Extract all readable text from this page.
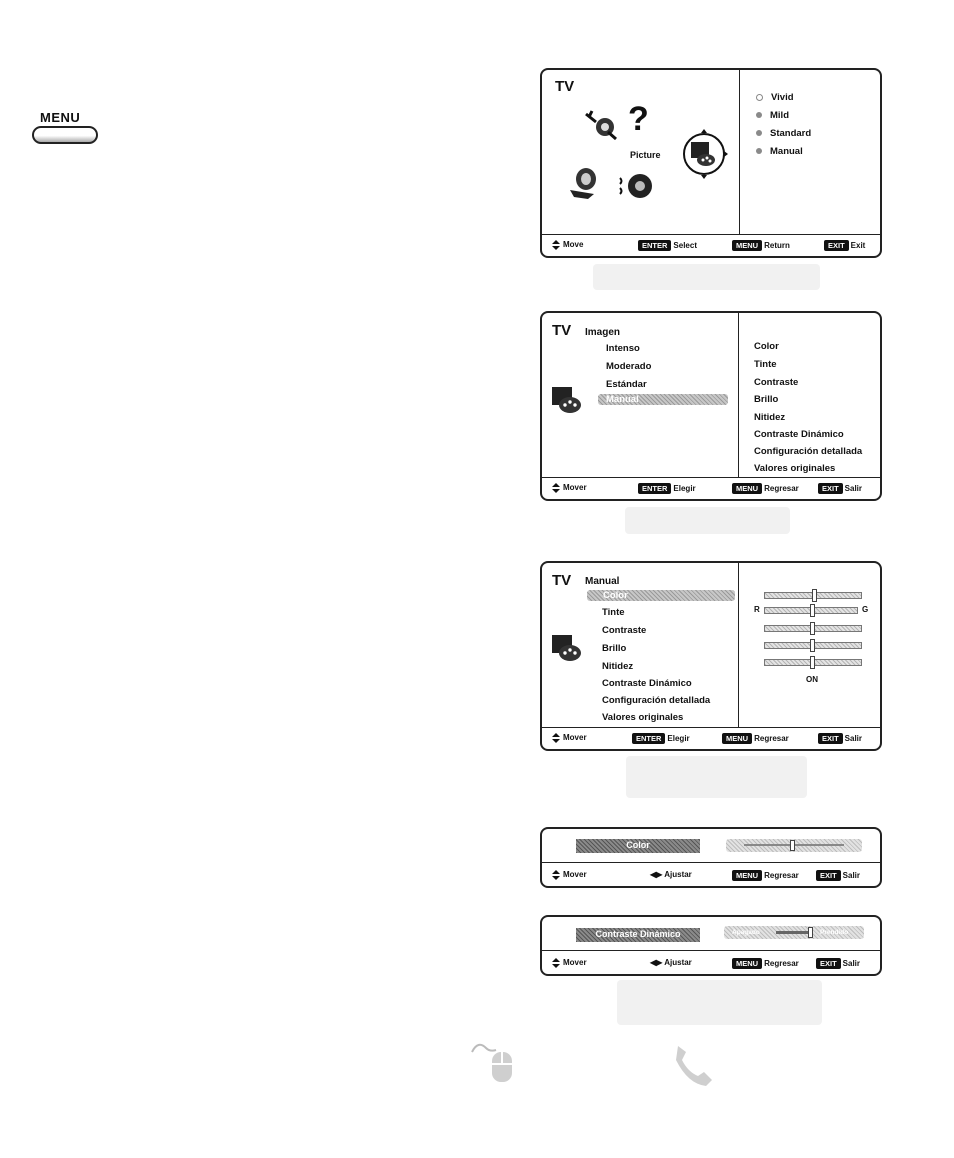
MENU
TV
?
Picture
Vivid
Mild
Standard
Manual
Move	ENTER Select	MENU Return	EXIT Exit
TV Imagen
Intenso
Moderado
Estándar
Manual
Color
Tinte
Contraste
Brillo
Nitidez
Contraste Dinámico
Configuración detallada
Valores originales
Mover	ENTER Elegir	MENU Regresar	EXIT Salir
TV Manual
Color
Tinte
Contraste
Brillo
Nitidez
Contraste Dinámico
Configuración detallada
Valores originales
R	G
ON
Mover	ENTER Elegir	MENU Regresar	EXIT Salir
Color
Mover	◀▶ Ajustar	MENU Regresar	EXIT Salir
Contraste Dinámico	Apagado	Prendido
Mover	◀▶ Ajustar	MENU Regresar	EXIT Salir
